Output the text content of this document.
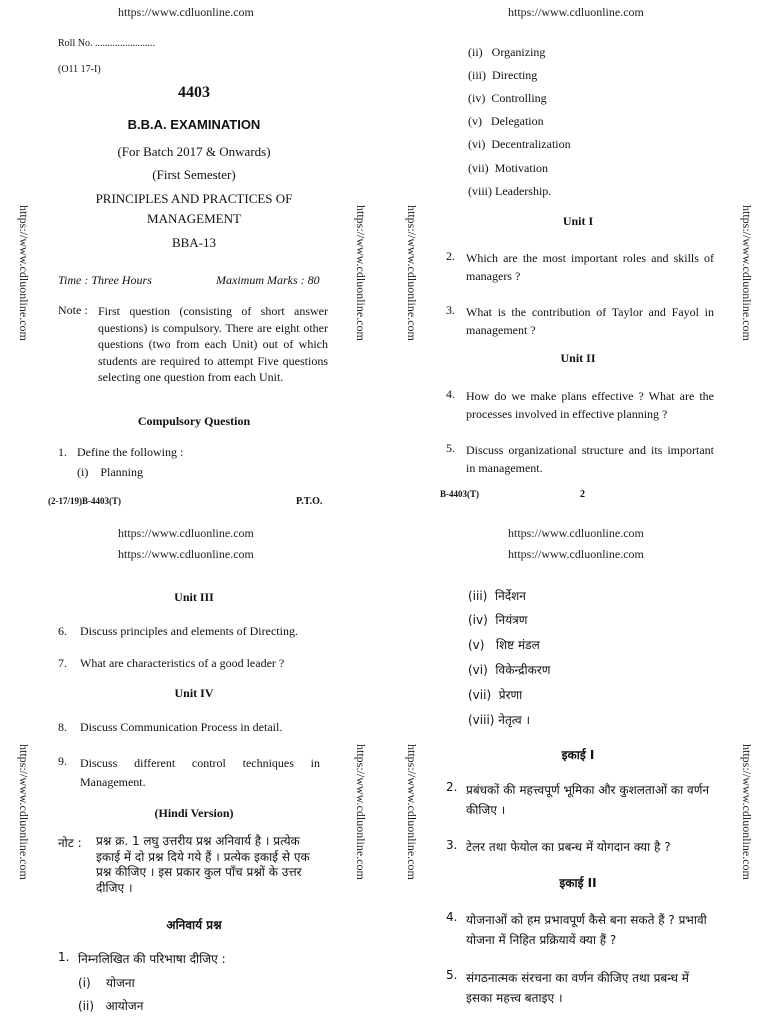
https://www.cdluonline.com	https://www.cdluonline.com
https://www.cdluonline.com
https://www.cdluonline.com
https://www.cdluonline.com
https://www.cdluonline.com
https://www.cdluonline.com	https://www.cdluonline.com	https://www.cdluonline.com	https://www.cdluonline.com
https://www.cdluonline.com	https://www.cdluonline.com	https://www.cdluonline.com	https://www.cdluonline.com
Roll No. ........................
(O11 17-I)
4403
B.B.A. EXAMINATION
(For Batch 2017 & Onwards)
(First Semester)
PRINCIPLES AND PRACTICES OF
MANAGEMENT
BBA-13
Time : Three Hours	Maximum Marks : 80
Note : First question (consisting of short answer questions) is compulsory. There are eight other questions (two from each Unit) out of which students are required to attempt Five questions selecting one question from each Unit.
Compulsory Question
1. Define the following :
(i)    Planning
(2-17/19)B-4403(T)	P.T.O.
(ii)   Organizing
(iii)  Directing
(iv)  Controlling
(v)   Delegation
(vi)  Decentralization
(vii)  Motivation
(viii) Leadership.
Unit I
2. Which are the most important roles and skills of managers ?
3. What is the contribution of Taylor and Fayol in management ?
Unit II
4. How do we make plans effective ? What are the processes involved in effective planning ?
5. Discuss organizational structure and its important in management.
B-4403(T)	2
Unit III
6. Discuss principles and elements of Directing.
7. What are characteristics of a good leader ?
Unit IV
8. Discuss Communication Process in detail.
9. Discuss different control techniques in Management.
(Hindi Version)
नोट : प्रश्न क्र. 1 लघु उत्तरीय प्रश्न अनिवार्य है । प्रत्येक इकाई में दो प्रश्न दिये गये हैं । प्रत्येक इकाई से एक प्रश्न कीजिए । इस प्रकार कुल पाँच प्रश्नों के उत्तर दीजिए ।
अनिवार्य प्रश्न
1. निम्नलिखित की परिभाषा दीजिए :
(i)    योजना
(ii)   आयोजन
(iii)  निर्देशन
(iv)  नियंत्रण
(v)   शिष्ट मंडल
(vi)  विकेन्द्रीकरण
(vii)  प्रेरणा
(viii) नेतृत्व ।
इकाई I
2. प्रबंधकों की महत्त्वपूर्ण भूमिका और कुशलताओं का वर्णन कीजिए ।
3. टेलर तथा फेयोल का प्रबन्ध में योगदान क्या है ?
इकाई II
4. योजनाओं को हम प्रभावपूर्ण कैसे बना सकते हैं ? प्रभावी योजना में निहित प्रक्रियायें क्या हैं ?
5. संगठनात्मक संरचना का वर्णन कीजिए तथा प्रबन्ध में इसका महत्त्व बताइए ।
